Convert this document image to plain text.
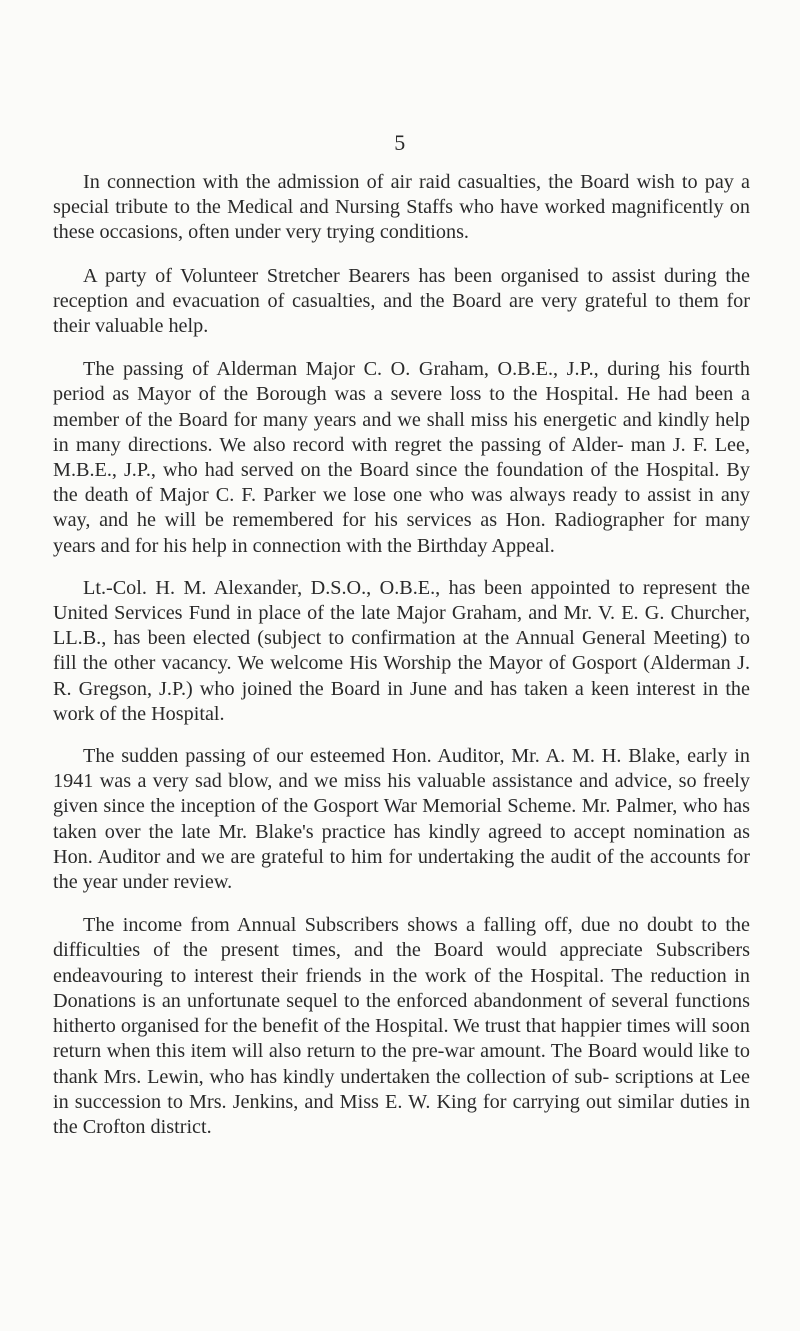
5

In connection with the admission of air raid casualties, the Board wish to pay a special tribute to the Medical and Nursing Staffs who have worked magnificently on these occasions, often under very trying conditions.

A party of Volunteer Stretcher Bearers has been organised to assist during the reception and evacuation of casualties, and the Board are very grateful to them for their valuable help.

The passing of Alderman Major C. O. Graham, O.B.E., J.P., during his fourth period as Mayor of the Borough was a severe loss to the Hospital. He had been a member of the Board for many years and we shall miss his energetic and kindly help in many directions. We also record with regret the passing of Alder- man J. F. Lee, M.B.E., J.P., who had served on the Board since the foundation of the Hospital. By the death of Major C. F. Parker we lose one who was always ready to assist in any way, and he will be remembered for his services as Hon. Radiographer for many years and for his help in connection with the Birthday Appeal.

Lt.-Col. H. M. Alexander, D.S.O., O.B.E., has been appointed to represent the United Services Fund in place of the late Major Graham, and Mr. V. E. G. Churcher, LL.B., has been elected (subject to confirmation at the Annual General Meeting) to fill the other vacancy. We welcome His Worship the Mayor of Gosport (Alderman J. R. Gregson, J.P.) who joined the Board in June and has taken a keen interest in the work of the Hospital.

The sudden passing of our esteemed Hon. Auditor, Mr. A. M. H. Blake, early in 1941 was a very sad blow, and we miss his valuable assistance and advice, so freely given since the inception of the Gosport War Memorial Scheme. Mr. Palmer, who has taken over the late Mr. Blake's practice has kindly agreed to accept nomination as Hon. Auditor and we are grateful to him for undertaking the audit of the accounts for the year under review.

The income from Annual Subscribers shows a falling off, due no doubt to the difficulties of the present times, and the Board would appreciate Subscribers endeavouring to interest their friends in the work of the Hospital. The reduction in Donations is an unfortunate sequel to the enforced abandonment of several functions hitherto organised for the benefit of the Hospital. We trust that happier times will soon return when this item will also return to the pre-war amount. The Board would like to thank Mrs. Lewin, who has kindly undertaken the collection of sub- scriptions at Lee in succession to Mrs. Jenkins, and Miss E. W. King for carrying out similar duties in the Crofton district.
